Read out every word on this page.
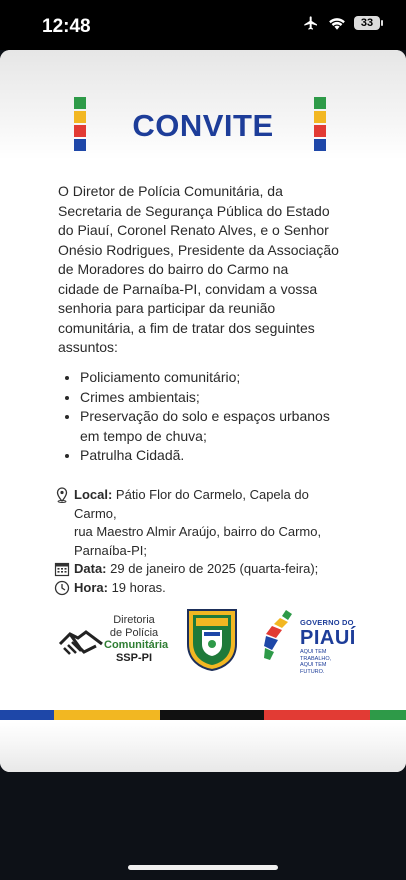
12:48	33
CONVITE
O Diretor de Polícia Comunitária, da
Secretaria de Segurança Pública do Estado
do Piauí, Coronel Renato Alves, e o Senhor
Onésio Rodrigues, Presidente da Associação
de Moradores do bairro do Carmo na
cidade de Parnaíba-PI, convidam a vossa
senhoria para participar da reunião
comunitária, a fim de tratar dos seguintes
assuntos:
• Policiamento comunitário;
• Crimes ambientais;
• Preservação do solo e espaços urbanos
em tempo de chuva;
• Patrulha Cidadã.
Local: Pátio Flor do Carmelo, Capela do Carmo,
rua Maestro Almir Araújo, bairro do Carmo,
Parnaíba-PI;
Data: 29 de janeiro de 2025 (quarta-feira);
Hora: 19 horas.
Diretoria
de Polícia
Comunitária
SSP-PI
GOVERNO DO
PIAUÍ
AQUI TEM TRABALHO,
AQUI TEM FUTURO.
